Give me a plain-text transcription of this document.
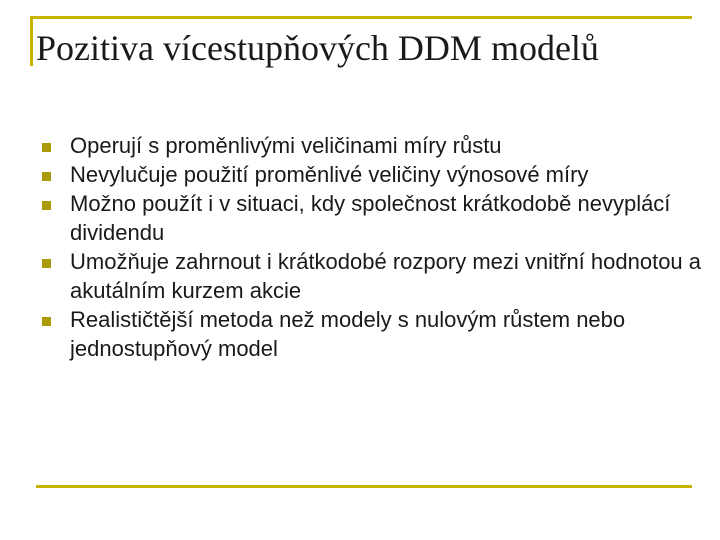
Pozitiva vícestupňových DDM modelů
Operují s proměnlivými veličinami míry růstu
Nevylučuje použití proměnlivé veličiny výnosové míry
Možno použít i v situaci, kdy společnost krátkodobě nevyplácí dividendu
Umožňuje zahrnout i krátkodobé rozpory mezi vnitřní hodnotou a akutálním kurzem akcie
Realističtější metoda než modely s nulovým růstem nebo jednostupňový model
